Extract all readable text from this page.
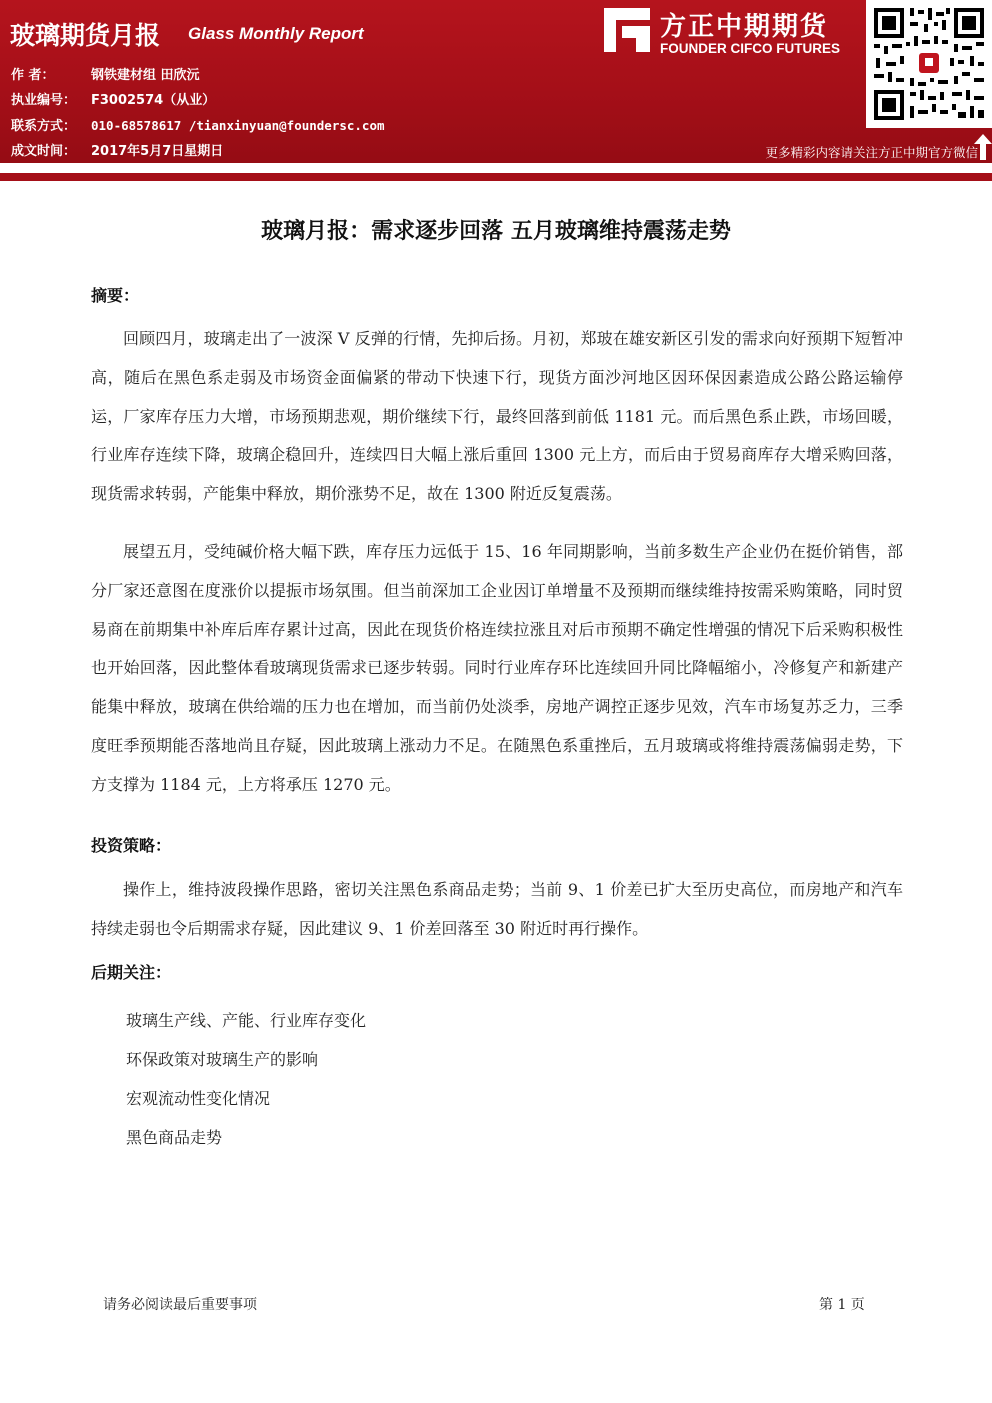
玻璃期货月报 Glass Monthly Report
作 者：	钢铁建材组 田欣沅
执业编号： F3002574（从业）
联系方式： 010-68578617 /tianxinyuan@foundersc.com
成文时间： 2017年5月7日星期日
方正中期期货
FOUNDER CIFCO FUTURES
更多精彩内容请关注方正中期官方微信
玻璃月报：需求逐步回落 五月玻璃维持震荡走势
摘要：

回顾四月，玻璃走出了一波深 V 反弹的行情，先抑后扬。月初，郑玻在雄安新区引发的需求向好预期下短暂冲高，随后在黑色系走弱及市场资金面偏紧的带动下快速下行，现货方面沙河地区因环保因素造成公路公路运输停运，厂家库存压力大增，市场预期悲观，期价继续下行，最终回落到前低 1181 元。而后黑色系止跌，市场回暖，行业库存连续下降，玻璃企稳回升，连续四日大幅上涨后重回 1300 元上方，而后由于贸易商库存大增采购回落，现货需求转弱，产能集中释放，期价涨势不足，故在 1300 附近反复震荡。

展望五月，受纯碱价格大幅下跌，库存压力远低于 15、16 年同期影响，当前多数生产企业仍在挺价销售，部分厂家还意图在度涨价以提振市场氛围。但当前深加工企业因订单增量不及预期而继续维持按需采购策略，同时贸易商在前期集中补库后库存累计过高，因此在现货价格连续拉涨且对后市预期不确定性增强的情况下后采购积极性也开始回落，因此整体看玻璃现货需求已逐步转弱。同时行业库存环比连续回升同比降幅缩小，冷修复产和新建产能集中释放，玻璃在供给端的压力也在增加，而当前仍处淡季，房地产调控正逐步见效，汽车市场复苏乏力，三季度旺季预期能否落地尚且存疑，因此玻璃上涨动力不足。在随黑色系重挫后，五月玻璃或将维持震荡偏弱走势，下方支撑为 1184 元，上方将承压 1270 元。

投资策略：

操作上，维持波段操作思路，密切关注黑色系商品走势；当前 9、1 价差已扩大至历史高位，而房地产和汽车持续走弱也令后期需求存疑，因此建议 9、1 价差回落至 30 附近时再行操作。

后期关注：
玻璃生产线、产能、行业库存变化
环保政策对玻璃生产的影响
宏观流动性变化情况
黑色商品走势
请务必阅读最后重要事项	第 1 页
